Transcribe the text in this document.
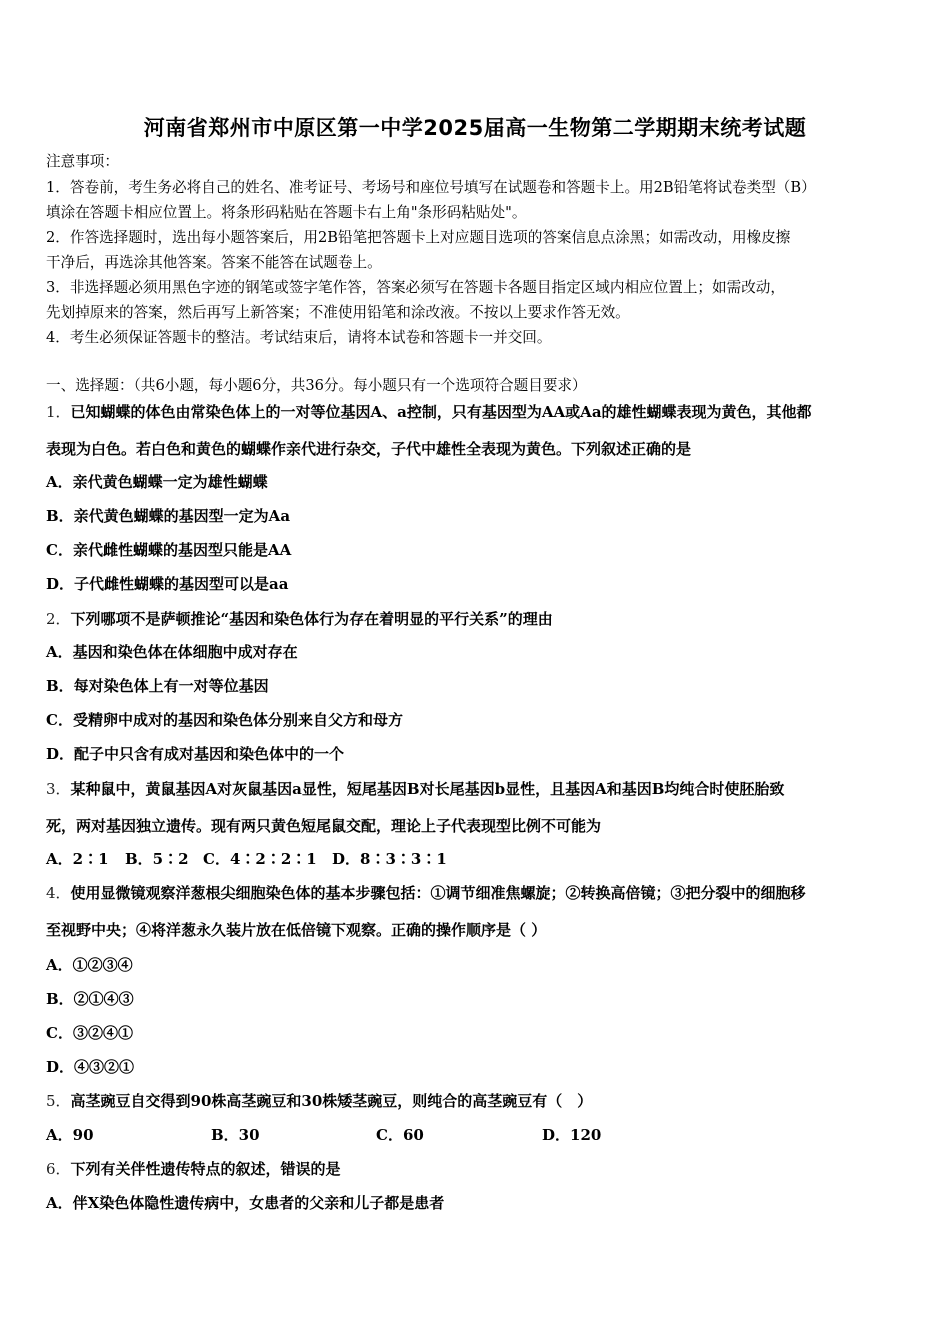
河南省郑州市中原区第一中学2025届高一生物第二学期期末统考试题
注意事项：
1．答卷前，考生务必将自己的姓名、准考证号、考场号和座位号填写在试题卷和答题卡上。用2B铅笔将试卷类型（B）
填涂在答题卡相应位置上。将条形码粘贴在答题卡右上角"条形码粘贴处"。
2．作答选择题时，选出每小题答案后，用2B铅笔把答题卡上对应题目选项的答案信息点涂黑；如需改动，用橡皮擦
干净后，再选涂其他答案。答案不能答在试题卷上。
3．非选择题必须用黑色字迹的钢笔或签字笔作答，答案必须写在答题卡各题目指定区域内相应位置上；如需改动，
先划掉原来的答案，然后再写上新答案；不准使用铅笔和涂改液。不按以上要求作答无效。
4．考生必须保证答题卡的整洁。考试结束后，请将本试卷和答题卡一并交回。
一、选择题：（共6小题，每小题6分，共36分。每小题只有一个选项符合题目要求）
1．已知蝴蝶的体色由常染色体上的一对等位基因A、a控制，只有基因型为AA或Aa的雄性蝴蝶表现为黄色，其他都
表现为白色。若白色和黄色的蝴蝶作亲代进行杂交，子代中雄性全表现为黄色。下列叙述正确的是
A．亲代黄色蝴蝶一定为雄性蝴蝶
B．亲代黄色蝴蝶的基因型一定为Aa
C．亲代雌性蝴蝶的基因型只能是AA
D．子代雌性蝴蝶的基因型可以是aa
2．下列哪项不是萨顿推论“基因和染色体行为存在着明显的平行关系”的理由
A．基因和染色体在体细胞中成对存在
B．每对染色体上有一对等位基因
C．受精卵中成对的基因和染色体分别来自父方和母方
D．配子中只含有成对基因和染色体中的一个
3．某种鼠中，黄鼠基因A对灰鼠基因a显性，短尾基因B对长尾基因b显性，且基因A和基因B均纯合时使胚胎致
死，两对基因独立遗传。现有两只黄色短尾鼠交配，理论上子代表现型比例不可能为
A．2∶1 B．5∶2 C．4∶2∶2∶1 D．8∶3∶3∶1
4．使用显微镜观察洋葱根尖细胞染色体的基本步骤包括：①调节细准焦螺旋；②转换高倍镜；③把分裂中的细胞移
至视野中央；④将洋葱永久装片放在低倍镜下观察。正确的操作顺序是（ ）
A．①②③④
B．②①④③
C．③②④①
D．④③②①
5．高茎豌豆自交得到90株高茎豌豆和30株矮茎豌豆，则纯合的高茎豌豆有（　）
A．90	B．30	C．60	D．120
6．下列有关伴性遗传特点的叙述，错误的是
A．伴X染色体隐性遗传病中，女患者的父亲和儿子都是患者
